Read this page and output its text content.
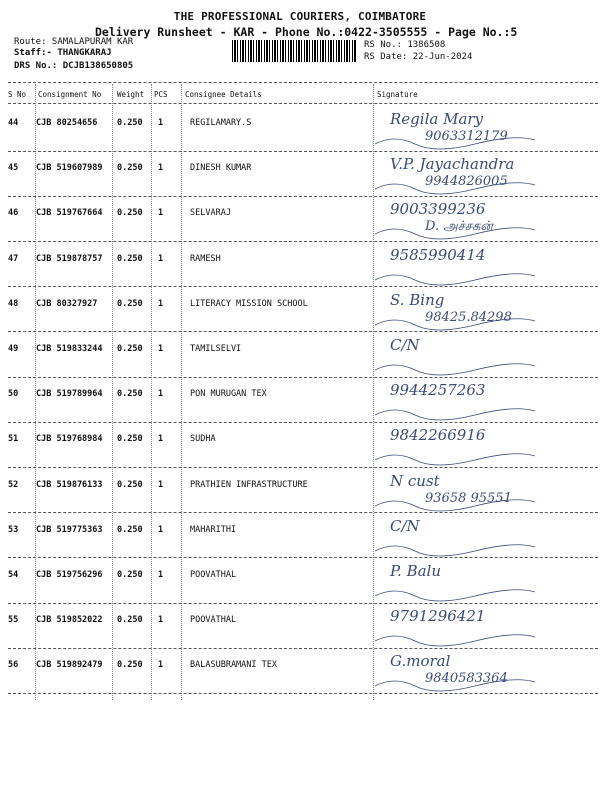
THE PROFESSIONAL COURIERS, COIMBATORE
Delivery Runsheet - KAR - Phone No.:0422-3505555 - Page No.:5
Route: SAMALAPURAM KAR
Staff:- THANGKARAJ
DRS No.: DCJB138650805
RS No.: 1386508
RS Date: 22-Jun-2024
S No Consignment No Weight PCS Consignee Details	Signature
44 CJB 80254656 0.250 1	REGILAMARY.S	Regila Mary
9063312179
45 CJB 519607989 0.250 1	DINESH KUMAR	V.P. Jayachandra
9944826005
46 CJB 519767664 0.250 1	SELVARAJ	9003399236
D. அச்சகன்
47 CJB 519878757 0.250 1	RAMESH	9585990414
48 CJB 80327927 0.250 1	LITERACY MISSION SCHOOL	S. Bing
98425.84298
49 CJB 519833244 0.250 1	TAMILSELVI	C/N
50 CJB 519789964 0.250 1	PON MURUGAN TEX	9944257263
51 CJB 519768984 0.250 1	SUDHA	9842266916
52 CJB 519876133 0.250 1	PRATHIEN INFRASTRUCTURE	N cust
93658 95551
53 CJB 519775363 0.250 1	MAHARITHI	C/N
54 CJB 519756296 0.250 1	POOVATHAL	P. Balu
55 CJB 519852022 0.250 1	POOVATHAL	9791296421
56 CJB 519892479 0.250 1	BALASUBRAMANI TEX	G.moral
9840583364
